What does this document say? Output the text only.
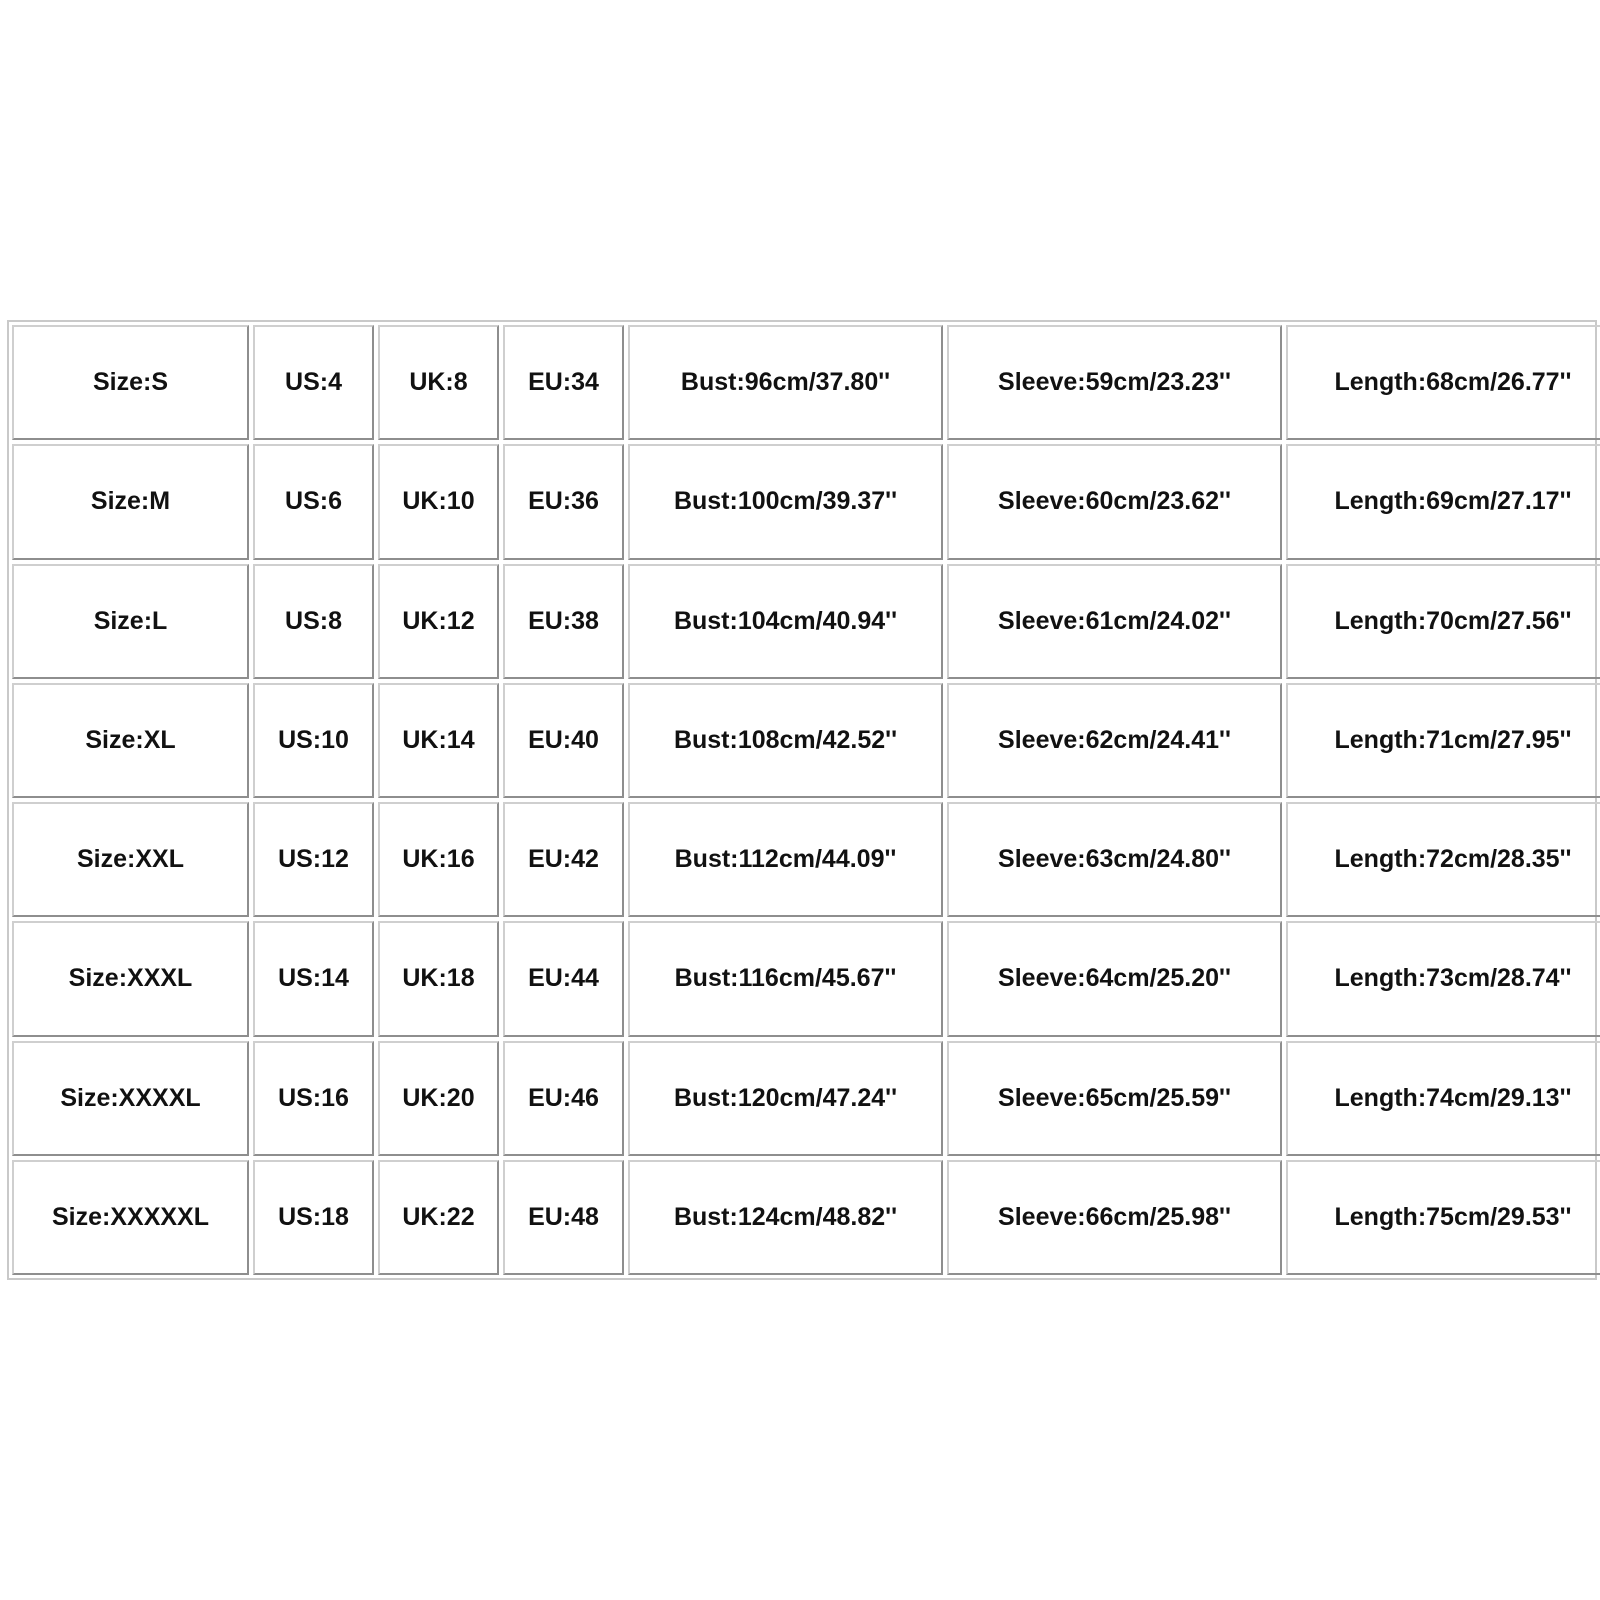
Size:S	US:4	UK:8	EU:34	Bust:96cm/37.80''	Sleeve:59cm/23.23''	Length:68cm/26.77''
Size:M	US:6	UK:10	EU:36	Bust:100cm/39.37''	Sleeve:60cm/23.62''	Length:69cm/27.17''
Size:L	US:8	UK:12	EU:38	Bust:104cm/40.94''	Sleeve:61cm/24.02''	Length:70cm/27.56''
Size:XL	US:10	UK:14	EU:40	Bust:108cm/42.52''	Sleeve:62cm/24.41''	Length:71cm/27.95''
Size:XXL	US:12	UK:16	EU:42	Bust:112cm/44.09''	Sleeve:63cm/24.80''	Length:72cm/28.35''
Size:XXXL	US:14	UK:18	EU:44	Bust:116cm/45.67''	Sleeve:64cm/25.20''	Length:73cm/28.74''
Size:XXXXL	US:16	UK:20	EU:46	Bust:120cm/47.24''	Sleeve:65cm/25.59''	Length:74cm/29.13''
Size:XXXXXL	US:18	UK:22	EU:48	Bust:124cm/48.82''	Sleeve:66cm/25.98''	Length:75cm/29.53''
